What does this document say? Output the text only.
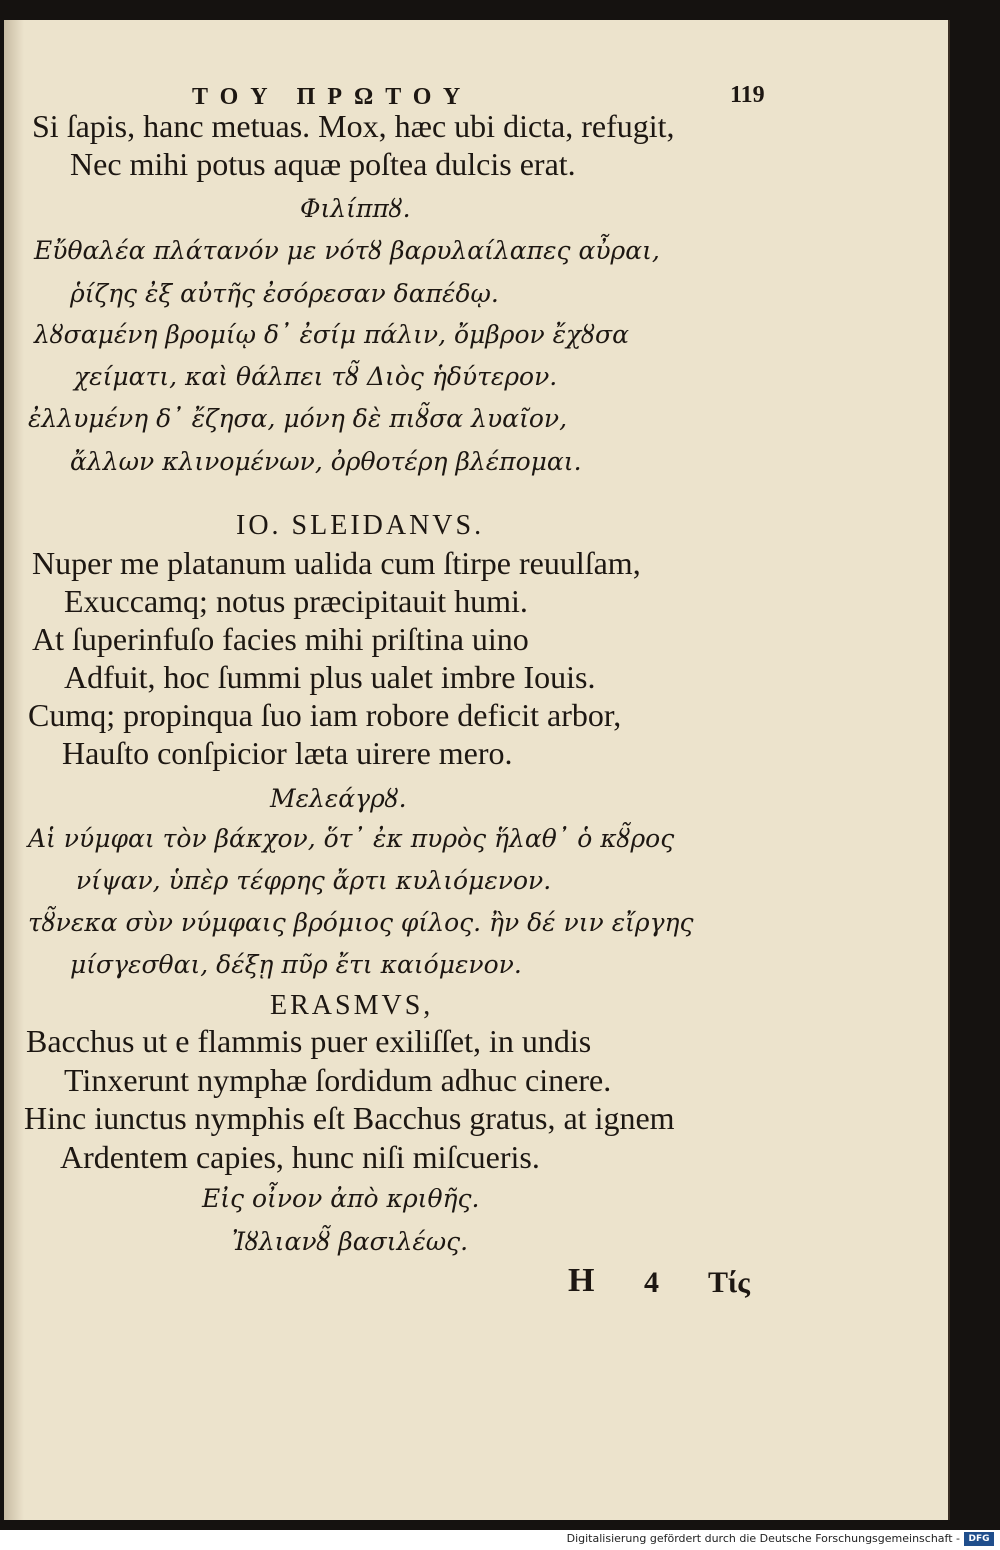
TOY ΠΡΩΤΟΥ	119
Si ſapis, hanc metuas. Mox, hæc ubi dicta, refugit,
Nec mihi potus aquæ poſtea dulcis erat.
Φιλίππȣ.
Εὔθαλέα πλάτανόν με νότȣ βαρυλαίλαπες αὖραι,
ῥίζης ἐξ αὐτῆς ἐσόρεσαν δαπέδῳ.
λȣσαμένη βρομίῳ δ᾽ ἐσίμ πάλιν, ὄμβρον ἔχȣσα
χείματι, καὶ θάλπει τȣ̃ Διὸς ἡδύτερον.
ἐλλυμένη δ᾽ ἔζησα, μόνη δὲ πιȣ̃σα λυαῖον,
ἄλλων κλινομένων, ὀρθοτέρη βλέπομαι.
IO. SLEIDANVS.
Nuper me platanum ualida cum ſtirpe reuulſam,
Exuccamq; notus præcipitauit humi.
At ſuperinfuſo facies mihi priſtina uino
Adfuit, hoc ſummi plus ualet imbre Iouis.
Cumq; propinqua ſuo iam robore deficit arbor,
Hauſto conſpicior læta uirere mero.
Μελεάγρȣ.
Αἱ νύμφαι τὸν βάκχον, ὅτ᾽ ἐκ πυρὸς ἥλαθ᾽ ὁ κȣ̃ρος
νίψαν, ὑπὲρ τέφρης ἄρτι κυλιόμενον.
τȣ̃νεκα σὺν νύμφαις βρόμιος φίλος. ἢν δέ νιν εἴργης
μίσγεσθαι, δέξῃ πῦρ ἔτι καιόμενον.
ERASMVS,
Bacchus ut e flammis puer exiliſſet, in undis
Tinxerunt nymphæ ſordidum adhuc cinere.
Hinc iunctus nymphis eſt Bacchus gratus, at ignem
Ardentem capies, hunc niſi miſcueris.
Εἰς οἶνον ἀπὸ κριθῆς.
Ἰȣλιανȣ̃ βασιλέως.
H 4 Τίς
Digitalisierung gefördert durch die Deutsche Forschungsgemeinschaft - DFG
